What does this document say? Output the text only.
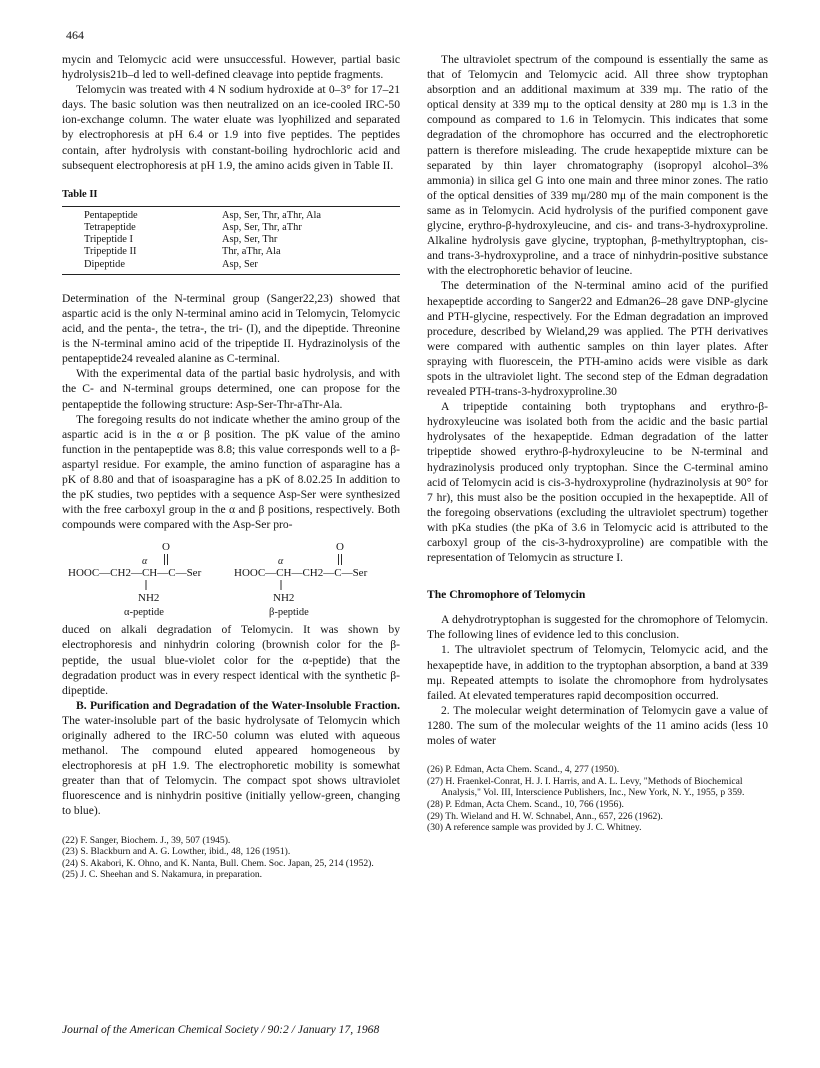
464

mycin and Telomycic acid were unsuccessful. However, partial basic hydrolysis21b–d led to well-defined cleavage into peptide fragments.

Telomycin was treated with 4 N sodium hydroxide at 0–3° for 17–21 days. The basic solution was then neutralized on an ice-cooled IRC-50 ion-exchange column. The water eluate was lyophilized and separated by electrophoresis at pH 6.4 or 1.9 into five peptides. The peptides contain, after hydrolysis with constant-boiling hydrochloric acid and subsequent electrophoresis at pH 1.9, the amino acids given in Table II.

Table II
Pentapeptide	Asp, Ser, Thr, aThr, Ala
Tetrapeptide	Asp, Ser, Thr, aThr
Tripeptide I	Asp, Ser, Thr
Tripeptide II	Thr, aThr, Ala
Dipeptide	Asp, Ser

Determination of the N-terminal group (Sanger22,23) showed that aspartic acid is the only N-terminal amino acid in Telomycin, Telomycic acid, and the penta-, the tetra-, the tri- (I), and the dipeptide. Threonine is the N-terminal amino acid of the tripeptide II. Hydrazinolysis of the pentapeptide24 revealed alanine as C-terminal.

With the experimental data of the partial basic hydrolysis, and with the C- and N-terminal groups determined, one can propose for the pentapeptide the following structure: Asp-Ser-Thr-aThr-Ala.

The foregoing results do not indicate whether the amino group of the aspartic acid is in the α or β position. The pK value of the amino function in the pentapeptide was 8.8; this value corresponds well to a β-aspartyl residue. For example, the amino function of asparagine has a pK of 8.80 and that of isoasparagine has a pK of 8.02.25 In addition to the pK studies, two peptides with a sequence Asp-Ser were synthesized with the free carboxyl group in the α and β positions, respectively. Both compounds were compared with the Asp-Ser pro-

O
α
HOOC—CH2—CH—C—Ser
NH2
α-peptide
O
α
HOOC—CH—CH2—C—Ser
NH2
β-peptide

duced on alkali degradation of Telomycin. It was shown by electrophoresis and ninhydrin coloring (brownish color for the β-peptide, the usual blue-violet color for the α-peptide) that the degradation product was in every respect identical with the synthetic β-dipeptide.

B. Purification and Degradation of the Water-Insoluble Fraction. The water-insoluble part of the basic hydrolysate of Telomycin which originally adhered to the IRC-50 column was eluted with aqueous methanol. The compound eluted appeared homogeneous by electrophoresis at pH 1.9. The electrophoretic mobility is somewhat greater than that of Telomycin. The compact spot shows ultraviolet fluorescence and is ninhydrin positive (initially yellow-green, changing to blue).

(22) F. Sanger, Biochem. J., 39, 507 (1945).

(23) S. Blackburn and A. G. Lowther, ibid., 48, 126 (1951).

(24) S. Akabori, K. Ohno, and K. Nanta, Bull. Chem. Soc. Japan, 25, 214 (1952).

(25) J. C. Sheehan and S. Nakamura, in preparation.

The ultraviolet spectrum of the compound is essentially the same as that of Telomycin and Telomycic acid. All three show tryptophan absorption and an additional maximum at 339 mμ. The ratio of the optical density at 339 mμ to the optical density at 280 mμ is 1.3 in the compound as compared to 1.6 in Telomycin. This indicates that some degradation of the chromophore has occurred and the electrophoretic pattern is therefore misleading. The crude hexapeptide mixture can be separated by thin layer chromatography (isopropyl alcohol–3% ammonia) in silica gel G into one main and three minor zones. The ratio of the optical densities of 339 mμ/280 mμ of the main component is the same as in Telomycin. Acid hydrolysis of the purified component gave glycine, erythro-β-hydroxyleucine, and cis- and trans-3-hydroxyproline. Alkaline hydrolysis gave glycine, tryptophan, β-methyltryptophan, cis- and trans-3-hydroxyproline, and a trace of ninhydrin-positive substance with the electrophoretic behavior of leucine.

The determination of the N-terminal amino acid of the purified hexapeptide according to Sanger22 and Edman26–28 gave DNP-glycine and PTH-glycine, respectively. For the Edman degradation an improved procedure, described by Wieland,29 was applied. The PTH derivatives were compared with authentic samples on thin layer plates. After spraying with fluorescein, the PTH-amino acids were visible as dark spots in the ultraviolet light. The second step of the Edman degradation revealed PTH-trans-3-hydroxyproline.30

A tripeptide containing both tryptophans and erythro-β-hydroxyleucine was isolated both from the acidic and the basic partial hydrolysates of the hexapeptide. Edman degradation of the latter tripeptide showed erythro-β-hydroxyleucine to be N-terminal and hydrazinolysis produced only tryptophan. Since the C-terminal amino acid of Telomycin acid is cis-3-hydroxyproline (hydrazinolysis at 90° for 7 hr), this must also be the position occupied in the hexapeptide. All of the foregoing observations (excluding the ultraviolet spectrum) together with pKa studies (the pKa of 3.6 in Telomycic acid is attributed to the carboxyl group of the cis-3-hydroxyproline) are compatible with the representation of Telomycin as structure I.

The Chromophore of Telomycin

A dehydrotryptophan is suggested for the chromophore of Telomycin. The following lines of evidence led to this conclusion.

1. The ultraviolet spectrum of Telomycin, Telomycic acid, and the hexapeptide have, in addition to the tryptophan absorption, a band at 339 mμ. Repeated attempts to isolate the chromophore from hydrolysates failed. At elevated temperatures rapid decomposition occurred.

2. The molecular weight determination of Telomycin gave a value of 1280. The sum of the molecular weights of the 11 amino acids (less 10 moles of water

(26) P. Edman, Acta Chem. Scand., 4, 277 (1950).

(27) H. Fraenkel-Conrat, H. J. I. Harris, and A. L. Levy, "Methods of Biochemical Analysis," Vol. III, Interscience Publishers, Inc., New York, N. Y., 1955, p 359.

(28) P. Edman, Acta Chem. Scand., 10, 766 (1956).

(29) Th. Wieland and H. W. Schnabel, Ann., 657, 226 (1962).

(30) A reference sample was provided by J. C. Whitney.

Journal of the American Chemical Society / 90:2 / January 17, 1968
